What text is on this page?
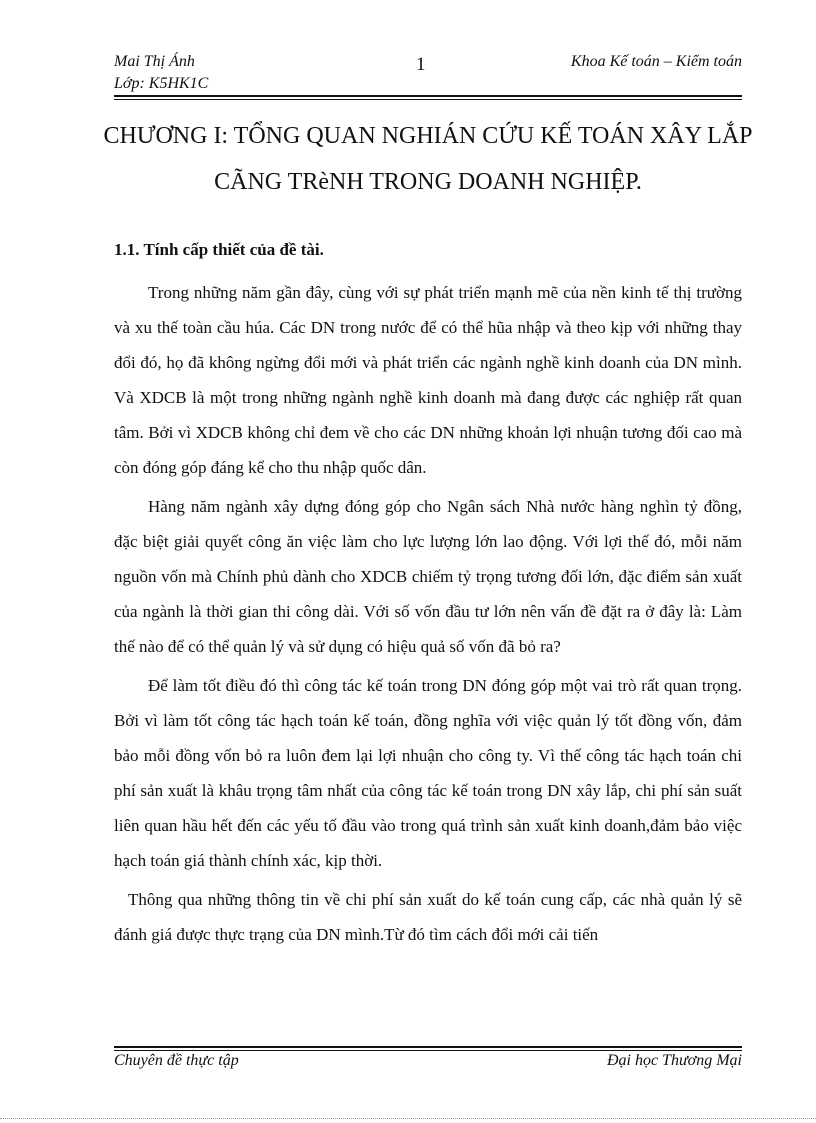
Mai Thị Ánh
Lớp: K5HK1C
1	Khoa Kế toán – Kiểm toán
CHƯƠNG I: TỔNG QUAN NGHIÁN CỨU KẾ TOÁN XÂY LẮP CÃNG TRèNH TRONG DOANH NGHIỆP.
1.1. Tính cấp thiết của đề tài.

Trong những năm gần đây, cùng với sự phát triển mạnh mẽ của nền kinh tế thị trường và xu thế toàn cầu húa. Các DN trong nước để có thể hũa nhập và theo kịp với những thay đổi đó, họ đã không ngừng đổi mới và phát triển các ngành nghề kinh doanh của DN mình. Và XDCB là một trong những ngành nghề kinh doanh mà đang được các nghiệp rất quan tâm. Bởi vì XDCB không chỉ đem về cho các DN những khoản lợi nhuận tương đối cao mà còn đóng góp đáng kể cho thu nhập quốc dân.

Hàng năm ngành xây dựng đóng góp cho Ngân sách Nhà nước hàng nghìn tỷ đồng, đặc biệt giải quyết công ăn việc làm cho lực lượng lớn lao động. Với lợi thế đó, mỗi năm nguồn vốn mà Chính phủ dành cho XDCB chiếm tỷ trọng tương đối lớn, đặc điểm sản xuất của ngành là thời gian thi công dài. Với số vốn đầu tư lớn nên vấn đề đặt ra ở đây là: Làm thế nào để có thể quản lý và sử dụng có hiệu quả số vốn đã bỏ ra?

Để làm tốt điều đó thì công tác kế toán trong DN đóng góp một vai trò rất quan trọng. Bởi vì làm tốt công tác hạch toán kế toán, đồng nghĩa với việc quản lý tốt đồng vốn, đảm bảo mỗi đồng vốn bỏ ra luôn đem lại lợi nhuận cho công ty. Vì thế công tác hạch toán chi phí sản xuất là khâu trọng tâm nhất của công tác kế toán trong DN xây lắp, chi phí sản suất liên quan hầu hết đến các yếu tố đầu vào trong quá trình sản xuất kinh doanh,đảm bảo việc hạch toán giá thành chính xác, kịp thời.

Thông qua những thông tin về chi phí sản xuất do kế toán cung cấp, các nhà quản lý sẽ đánh giá được thực trạng của DN mình.Từ đó tìm cách đổi mới cải tiến

Chuyên đề thực tập	Đại học Thương Mại
